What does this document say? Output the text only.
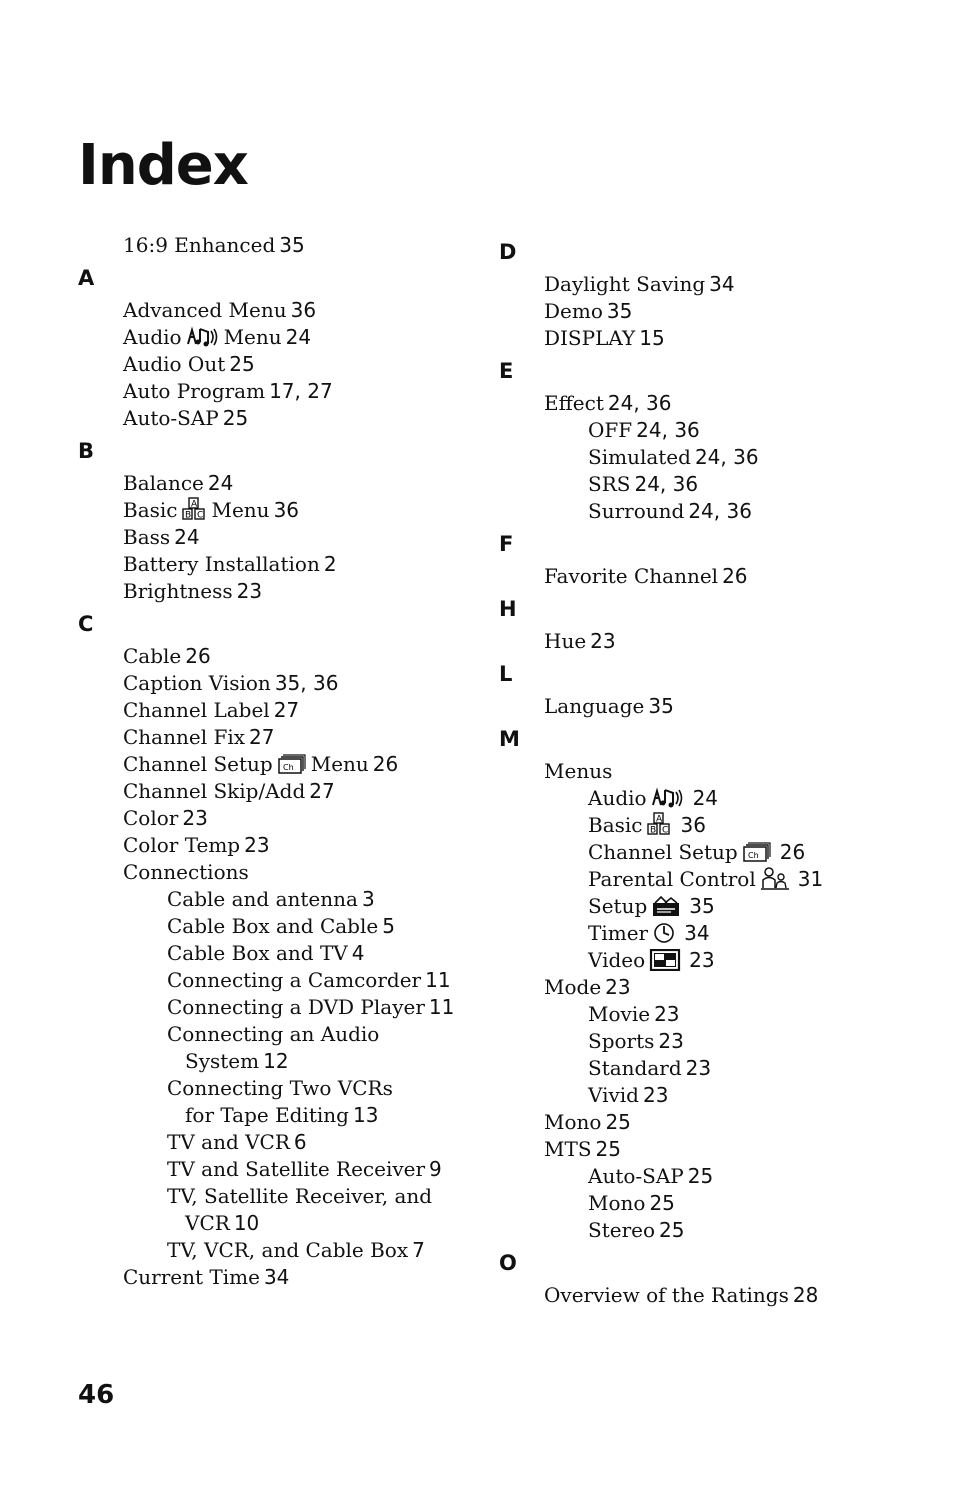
Index
16:9 Enhanced 35
A
Advanced Menu 36
Audio Menu 24
Audio Out 25
Auto Program 17, 27
Auto-SAP 25
B
Balance 24
Basic A
B C Menu 36
Bass 24
Battery Installation 2
Brightness 23
C
Cable 26
Caption Vision 35, 36
Channel Label 27
Channel Fix 27
Channel Setup Ch Menu 26
Channel Skip/Add 27
Color 23
Color Temp 23
Connections
Cable and antenna 3
Cable Box and Cable 5
Cable Box and TV 4
Connecting a Camcorder 11
Connecting a DVD Player 11
Connecting an Audio
System 12
Connecting Two VCRs
for Tape Editing 13
TV and VCR 6
TV and Satellite Receiver 9
TV, Satellite Receiver, and
VCR 10
TV, VCR, and Cable Box 7
Current Time 34
D
Daylight Saving 34
Demo 35
DISPLAY 15
E
Effect 24, 36
OFF 24, 36
Simulated 24, 36
SRS 24, 36
Surround 24, 36
F
Favorite Channel 26
H
Hue 23
L
Language 35
M
Menus
Audio 24
Basic A
B C 36
Channel Setup Ch 26
Parental Control 31
Setup 35
Timer 34
Video 23
Mode 23
Movie 23
Sports 23
Standard 23
Vivid 23
Mono 25
MTS 25
Auto-SAP 25
Mono 25
Stereo 25
O
Overview of the Ratings 28
46
